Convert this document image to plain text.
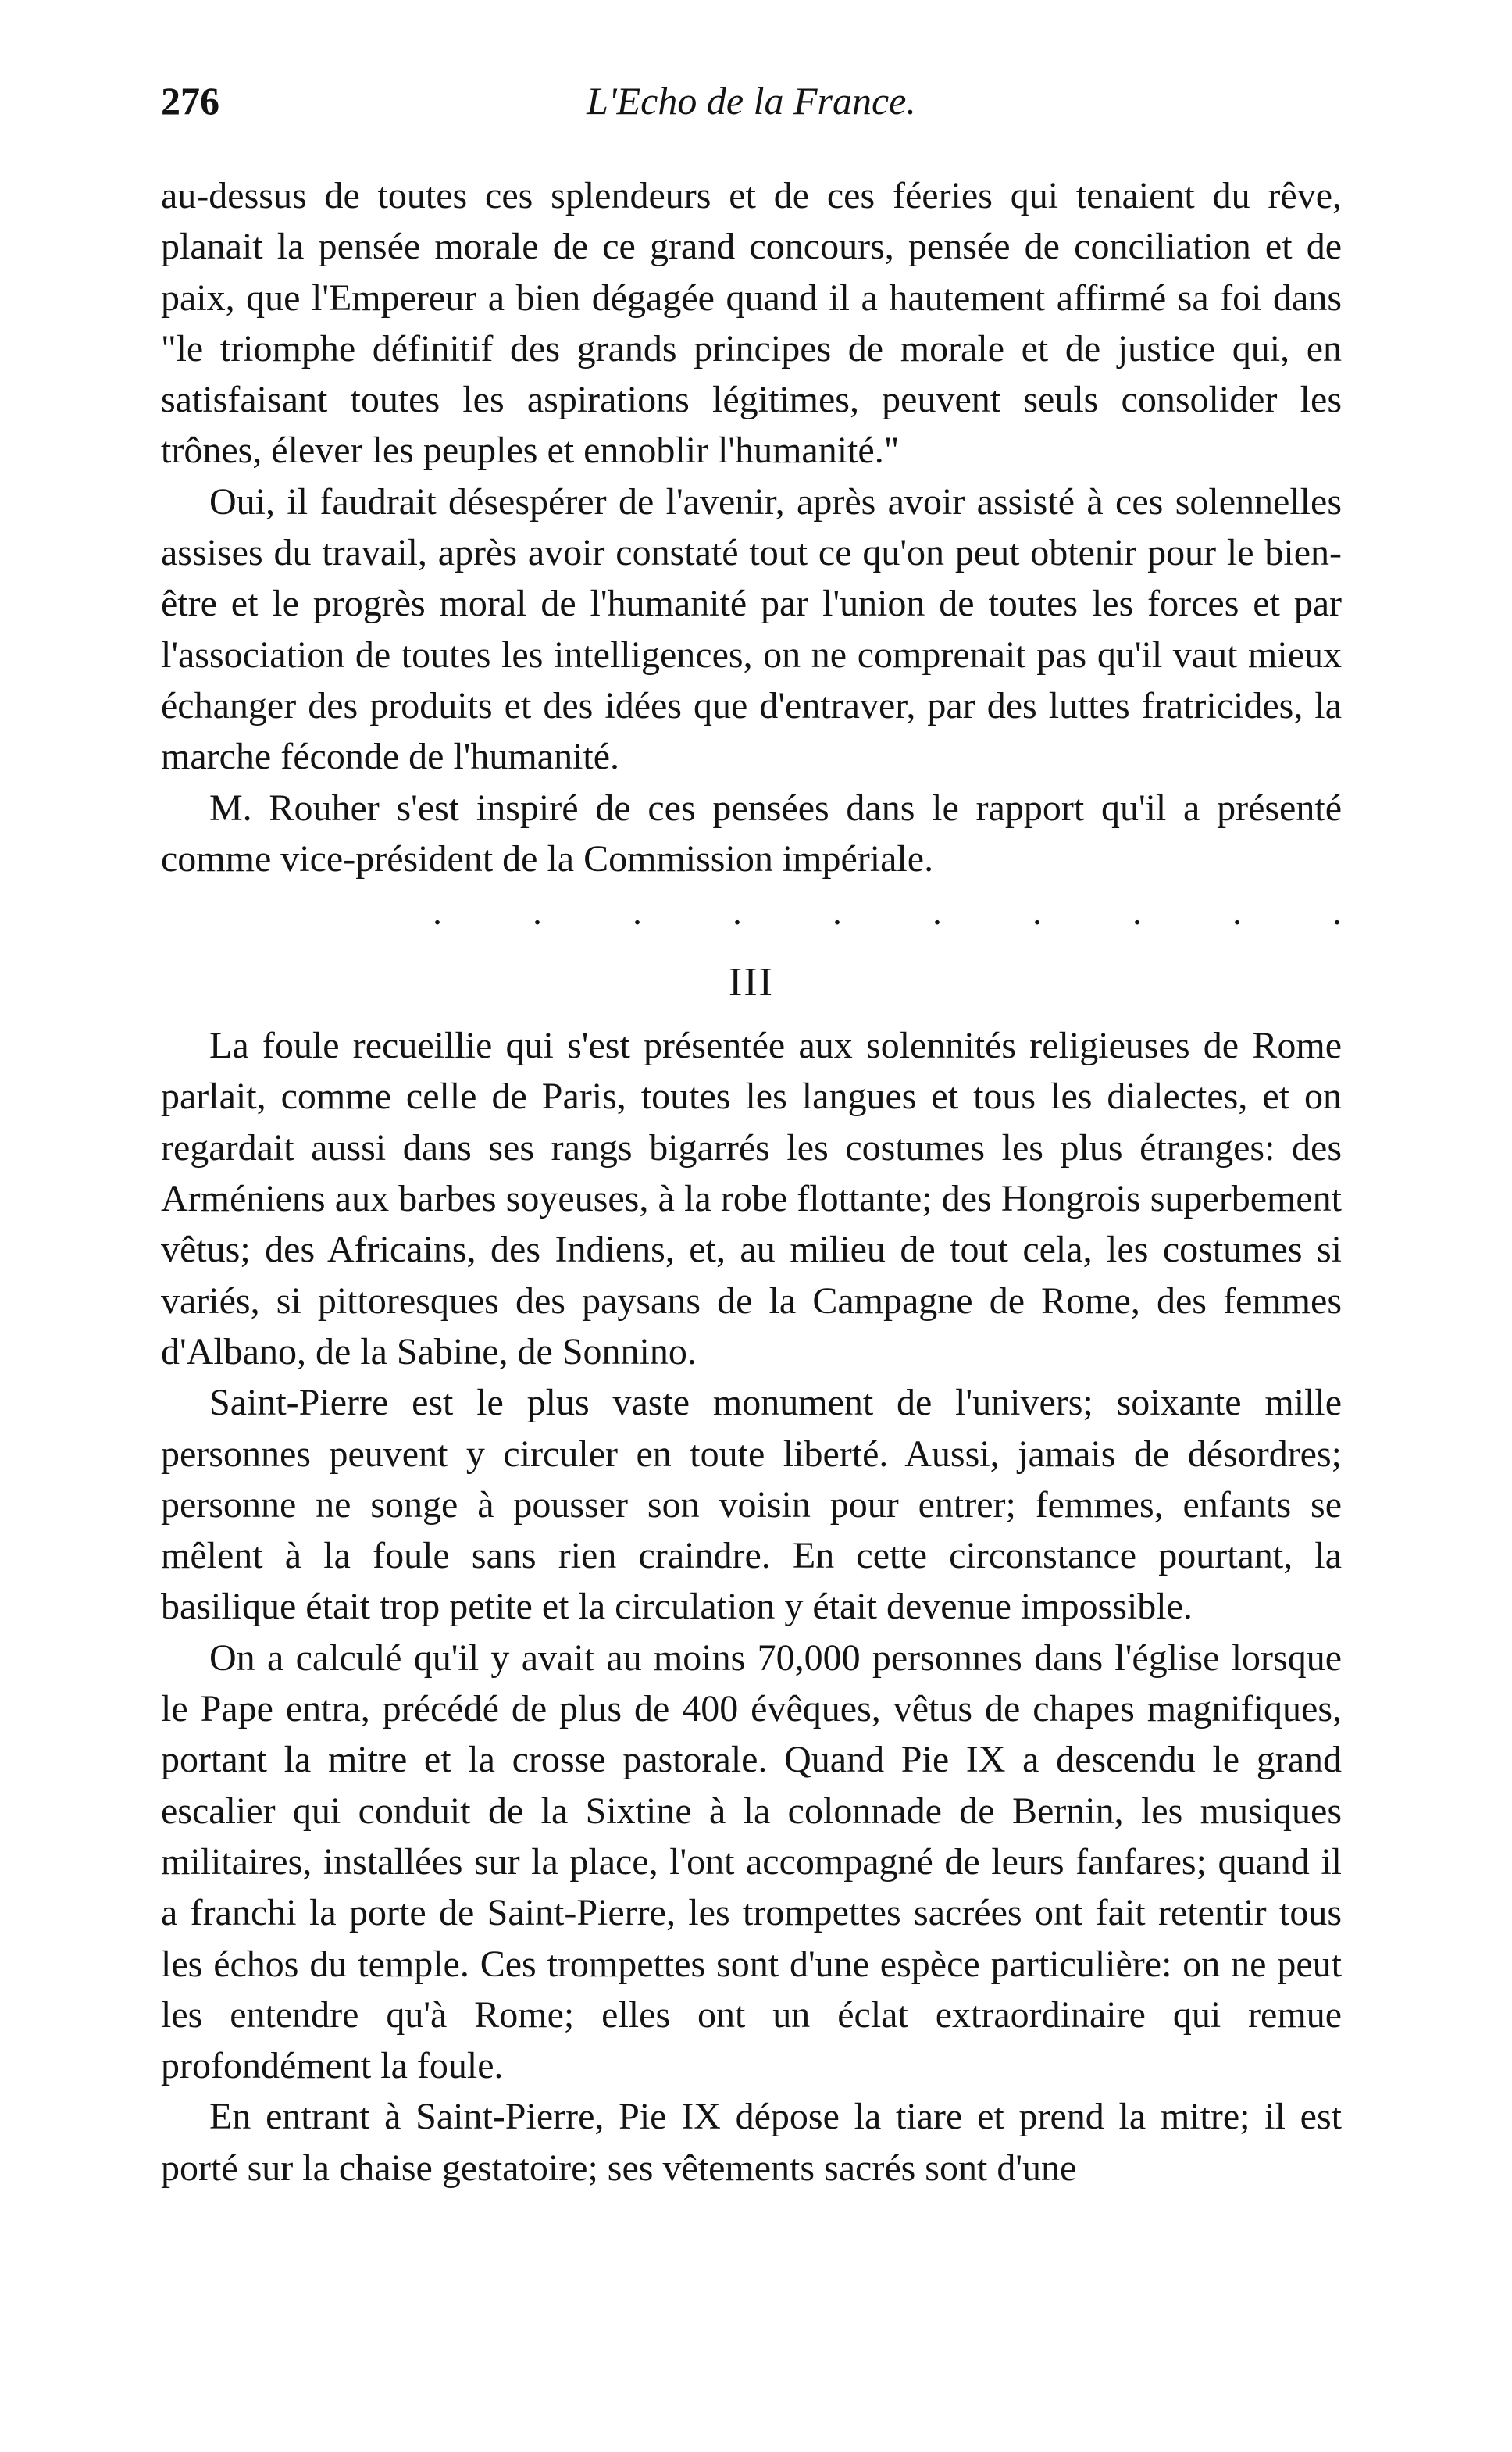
276	L'Echo de la France.

au-dessus de toutes ces splendeurs et de ces féeries qui tenaient du rêve, planait la pensée morale de ce grand concours, pensée de conciliation et de paix, que l'Empereur a bien dégagée quand il a hautement affirmé sa foi dans "le triomphe définitif des grands principes de morale et de justice qui, en satisfaisant toutes les aspirations légitimes, peuvent seuls consolider les trônes, élever les peuples et ennoblir l'humanité."

Oui, il faudrait désespérer de l'avenir, après avoir assisté à ces solennelles assises du travail, après avoir constaté tout ce qu'on peut obtenir pour le bien-être et le progrès moral de l'humanité par l'union de toutes les forces et par l'association de toutes les intelligences, on ne comprenait pas qu'il vaut mieux échanger des produits et des idées que d'entraver, par des luttes fratricides, la marche féconde de l'humanité.

M. Rouher s'est inspiré de ces pensées dans le rapport qu'il a présenté comme vice-président de la Commission impériale.

. . . . . . . . . .
III

La foule recueillie qui s'est présentée aux solennités religieuses de Rome parlait, comme celle de Paris, toutes les langues et tous les dialectes, et on regardait aussi dans ses rangs bigarrés les costumes les plus étranges: des Arméniens aux barbes soyeuses, à la robe flottante; des Hongrois superbement vêtus; des Africains, des Indiens, et, au milieu de tout cela, les costumes si variés, si pittoresques des paysans de la Campagne de Rome, des femmes d'Albano, de la Sabine, de Sonnino.

Saint-Pierre est le plus vaste monument de l'univers; soixante mille personnes peuvent y circuler en toute liberté. Aussi, jamais de désordres; personne ne songe à pousser son voisin pour entrer; femmes, enfants se mêlent à la foule sans rien craindre. En cette circonstance pourtant, la basilique était trop petite et la circulation y était devenue impossible.

On a calculé qu'il y avait au moins 70,000 personnes dans l'église lorsque le Pape entra, précédé de plus de 400 évêques, vêtus de chapes magnifiques, portant la mitre et la crosse pastorale. Quand Pie IX a descendu le grand escalier qui conduit de la Sixtine à la colonnade de Bernin, les musiques militaires, installées sur la place, l'ont accompagné de leurs fanfares; quand il a franchi la porte de Saint-Pierre, les trompettes sacrées ont fait retentir tous les échos du temple. Ces trompettes sont d'une espèce particulière: on ne peut les entendre qu'à Rome; elles ont un éclat extraordinaire qui remue profondément la foule.

En entrant à Saint-Pierre, Pie IX dépose la tiare et prend la mitre; il est porté sur la chaise gestatoire; ses vêtements sacrés sont d'une
